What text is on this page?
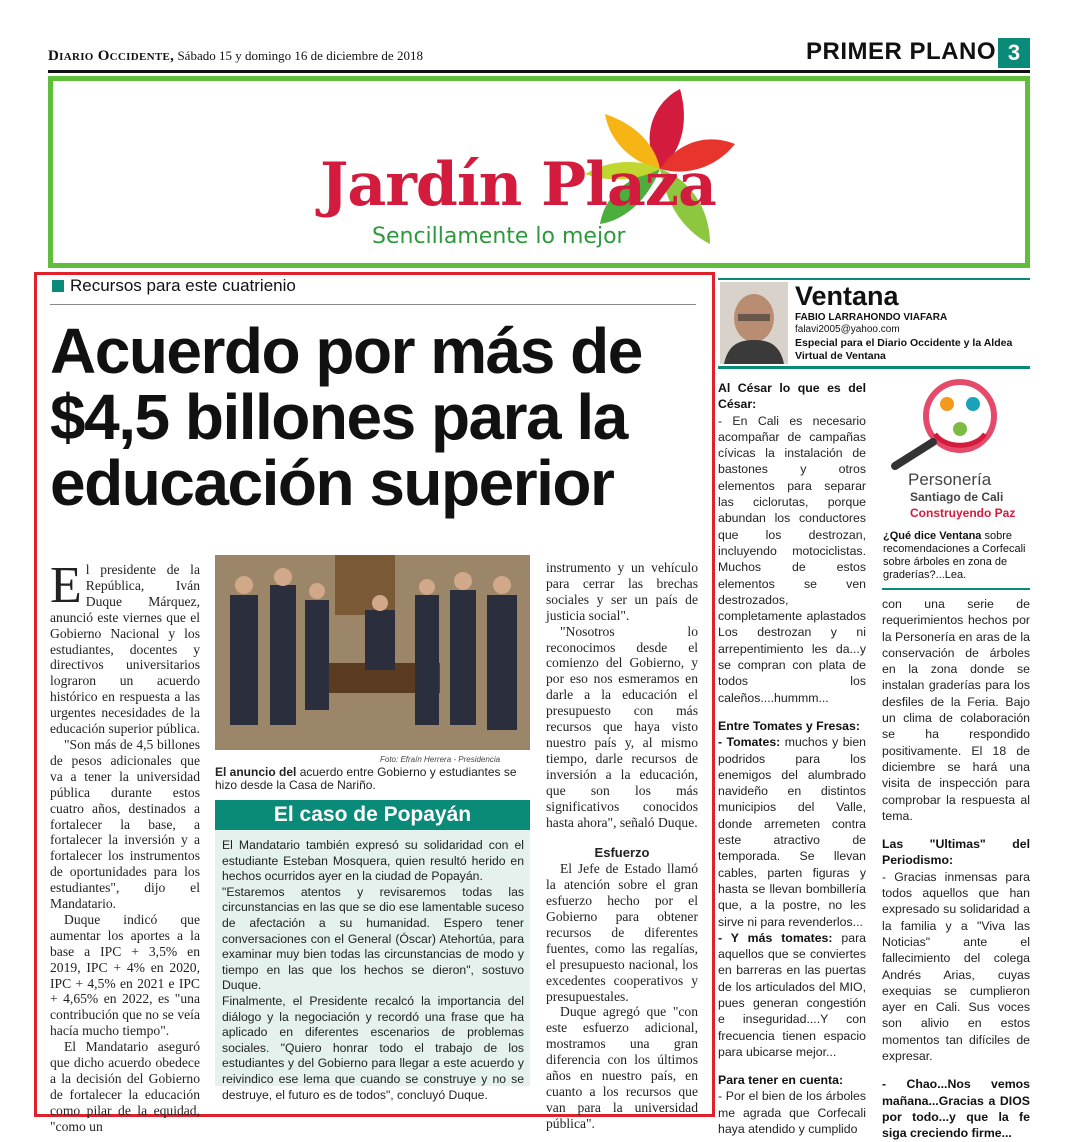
Diario Occidente, Sábado 15 y domingo 16 de diciembre de 2018	PRIMER PLANO 3
Jardín Plaza
Sencillamente lo mejor
Recursos para este cuatrienio
Acuerdo por más de $4,5 billones para la educación superior

El presidente de la República, Iván Duque Márquez, anunció este viernes que el Gobierno Nacional y los estudiantes, docentes y directivos universitarios lograron un acuerdo histórico en respuesta a las urgentes necesidades de la educación superior pública.

"Son más de 4,5 billones de pesos adicionales que va a tener la universidad pública durante estos cuatro años, destinados a fortalecer la base, a fortalecer la inversión y a fortalecer los instrumentos de oportunidades para los estudiantes", dijo el Mandatario.

Duque indicó que aumentar los aportes a la base a IPC + 3,5% en 2019, IPC + 4% en 2020, IPC + 4,5% en 2021 e IPC + 4,65% en 2022, es "una contribución que no se veía hacía mucho tiempo".

El Mandatario aseguró que dicho acuerdo obedece a la decisión del Gobierno de fortalecer la educación como pilar de la equidad, "como un

Foto: Efraín Herrera - Presidencia
El anuncio del acuerdo entre Gobierno y estudiantes se hizo desde la Casa de Nariño.
El caso de Popayán

El Mandatario también expresó su solidaridad con el estudiante Esteban Mosquera, quien resultó herido en hechos ocurridos ayer en la ciudad de Popayán.

"Estaremos atentos y revisaremos todas las circunstancias en las que se dio ese lamentable suceso de afectación a su humanidad. Espero tener conversaciones con el General (Óscar) Atehortúa, para examinar muy bien todas las circunstancias de modo y tiempo en las que los hechos se dieron", sostuvo Duque.

Finalmente, el Presidente recalcó la importancia del diálogo y la negociación y recordó una frase que ha aplicado en diferentes escenarios de problemas sociales. "Quiero honrar todo el trabajo de los estudiantes y del Gobierno para llegar a este acuerdo y reivindico ese lema que cuando se construye y no se destruye, el futuro es de todos", concluyó Duque.

instrumento y un vehículo para cerrar las brechas sociales y ser un país de justicia social".

"Nosotros lo reconocimos desde el comienzo del Gobierno, y por eso nos esmeramos en darle a la educación el presupuesto con más recursos que haya visto nuestro país y, al mismo tiempo, darle recursos de inversión a la educación, que son los más significativos conocidos hasta ahora", señaló Duque.

Esfuerzo

El Jefe de Estado llamó la atención sobre el gran esfuerzo hecho por el Gobierno para obtener recursos de diferentes fuentes, como las regalías, el presupuesto nacional, los excedentes cooperativos y presupuestales.

Duque agregó que "con este esfuerzo adicional, mostramos una gran diferencia con los últimos años en nuestro país, en cuanto a los recursos que van para la universidad pública".

Ventana
FABIO LARRAHONDO VIAFARA
falavi2005@yahoo.com
Especial para el Diario Occidente y la Aldea Virtual de Ventana
Al César lo que es del César:
- En Cali es necesario acompañar de campañas cívicas la instalación de bastones y otros elementos para separar las ciclorutas, porque abundan los conductores que los destrozan, incluyendo motociclistas. Muchos de estos elementos se ven destrozados, completamente aplastados Los destrozan y ni arrepentimiento les da...y se compran con plata de todos los caleños....hummm...
Entre Tomates y Fresas:
- Tomates: muchos y bien podridos para los enemigos del alumbrado navideño en distintos municipios del Valle, donde arremeten contra este atractivo de temporada. Se llevan cables, parten figuras y hasta se llevan bombillería que, a la postre, no les sirve ni para revenderlos...
- Y más tomates: para aquellos que se conviertes en barreras en las puertas de los articulados del MIO, pues generan congestión e inseguridad....Y con frecuencia tienen espacio para ubicarse mejor...
Para tener en cuenta:
- Por el bien de los árboles me agrada que Corfecali haya atendido y cumplido
Personería
Santiago de Cali
Construyendo Paz
¿Qué dice Ventana sobre recomendaciones a Corfecali sobre árboles en zona de graderías?...Lea.
con una serie de requerimientos hechos por la Personería en aras de la conservación de árboles en la zona donde se instalan graderías para los desfiles de la Feria. Bajo un clima de colaboración se ha respondido positivamente. El 18 de diciembre se hará una visita de inspección para comprobar la respuesta al tema.
Las "Ultimas" del Periodismo:
- Gracias inmensas para todos aquellos que han expresado su solidaridad a la familia y a "Viva las Noticias" ante el fallecimiento del colega Andrés Arias, cuyas exequias se cumplieron ayer en Cali. Sus voces son alivio en estos momentos tan difíciles de expresar.
- Chao...Nos vemos mañana...Gracias a DIOS por todo...y que la fe siga creciendo firme...
